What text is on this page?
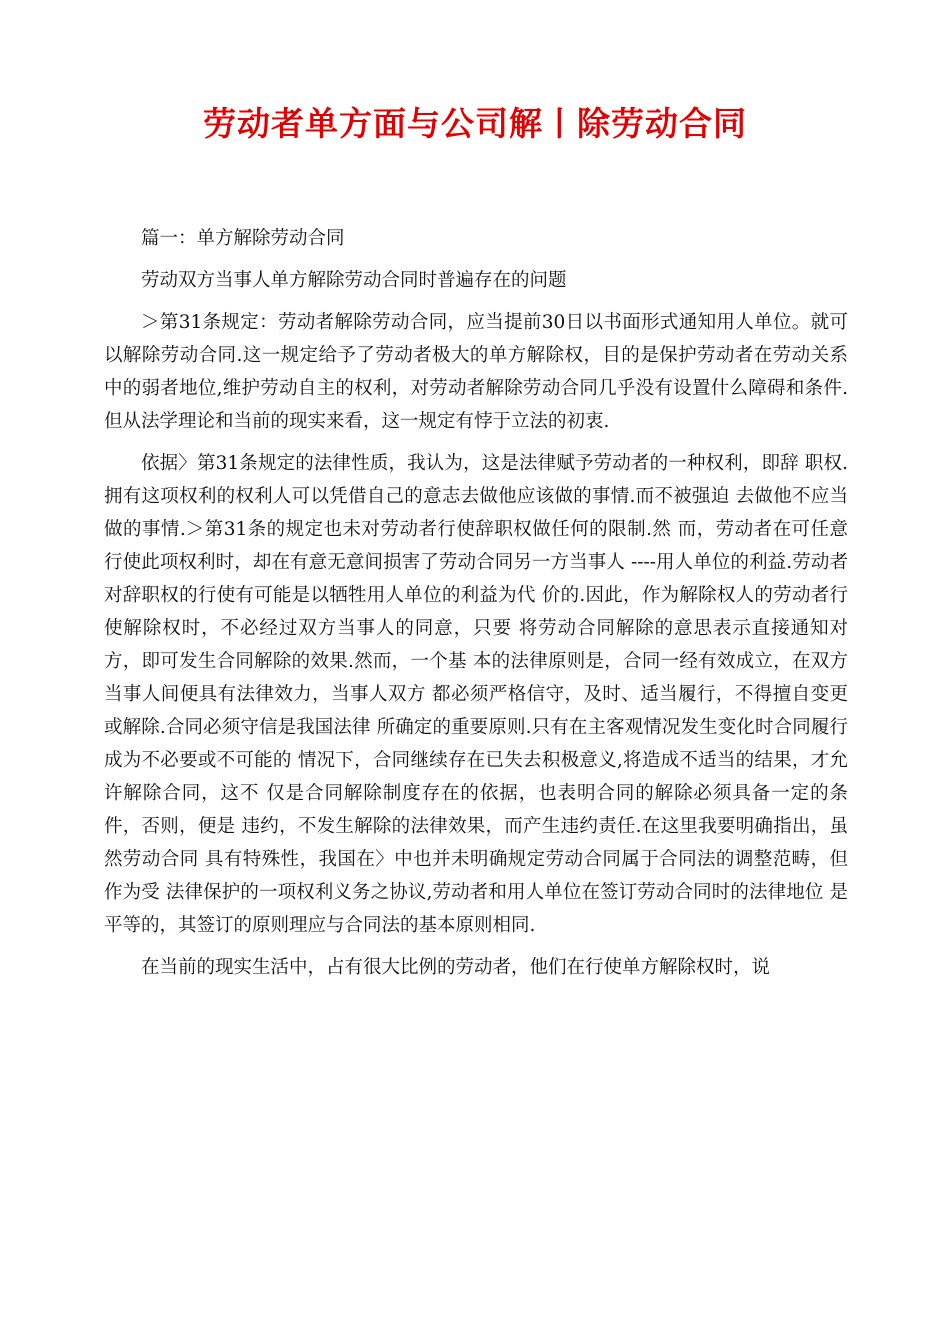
劳动者单方面与公司解丨除劳动合同

篇一：单方解除劳动合同

劳动双方当事人单方解除劳动合同时普遍存在的问题

＞第31条规定：劳动者解除劳动合同，应当提前30日以书面形式通知用人单位。就可以解除劳动合同.这一规定给予了劳动者极大的单方解除权，目的是保护劳动者在劳动关系中的弱者地位,维护劳动自主的权利，对劳动者解除劳动合同几乎没有设置什么障碍和条件.但从法学理论和当前的现实来看，这一规定有悖于立法的初衷.

依据〉第31条规定的法律性质，我认为，这是法律赋予劳动者的一种权利，即辞 职权.拥有这项权利的权利人可以凭借自己的意志去做他应该做的事情.而不被强迫 去做他不应当做的事情.＞第31条的规定也未对劳动者行使辞职权做任何的限制.然 而，劳动者在可任意行使此项权利时，却在有意无意间损害了劳动合同另一方当事人 ----用人单位的利益.劳动者对辞职权的行使有可能是以牺牲用人单位的利益为代 价的.因此，作为解除权人的劳动者行使解除权时，不必经过双方当事人的同意，只要 将劳动合同解除的意思表示直接通知对方，即可发生合同解除的效果.然而，一个基 本的法律原则是，合同一经有效成立，在双方当事人间便具有法律效力，当事人双方 都必须严格信守，及时、适当履行，不得擅自变更或解除.合同必须守信是我国法律 所确定的重要原则.只有在主客观情况发生变化时合同履行成为不必要或不可能的 情况下，合同继续存在已失去积极意义,将造成不适当的结果，才允许解除合同，这不 仅是合同解除制度存在的依据，也表明合同的解除必须具备一定的条件，否则，便是 违约，不发生解除的法律效果，而产生违约责任.在这里我要明确指出，虽然劳动合同 具有特殊性，我国在〉中也并未明确规定劳动合同属于合同法的调整范畴，但作为受 法律保护的一项权利义务之协议,劳动者和用人单位在签订劳动合同时的法律地位 是平等的，其签订的原则理应与合同法的基本原则相同.

在当前的现实生活中，占有很大比例的劳动者，他们在行使单方解除权时，说
